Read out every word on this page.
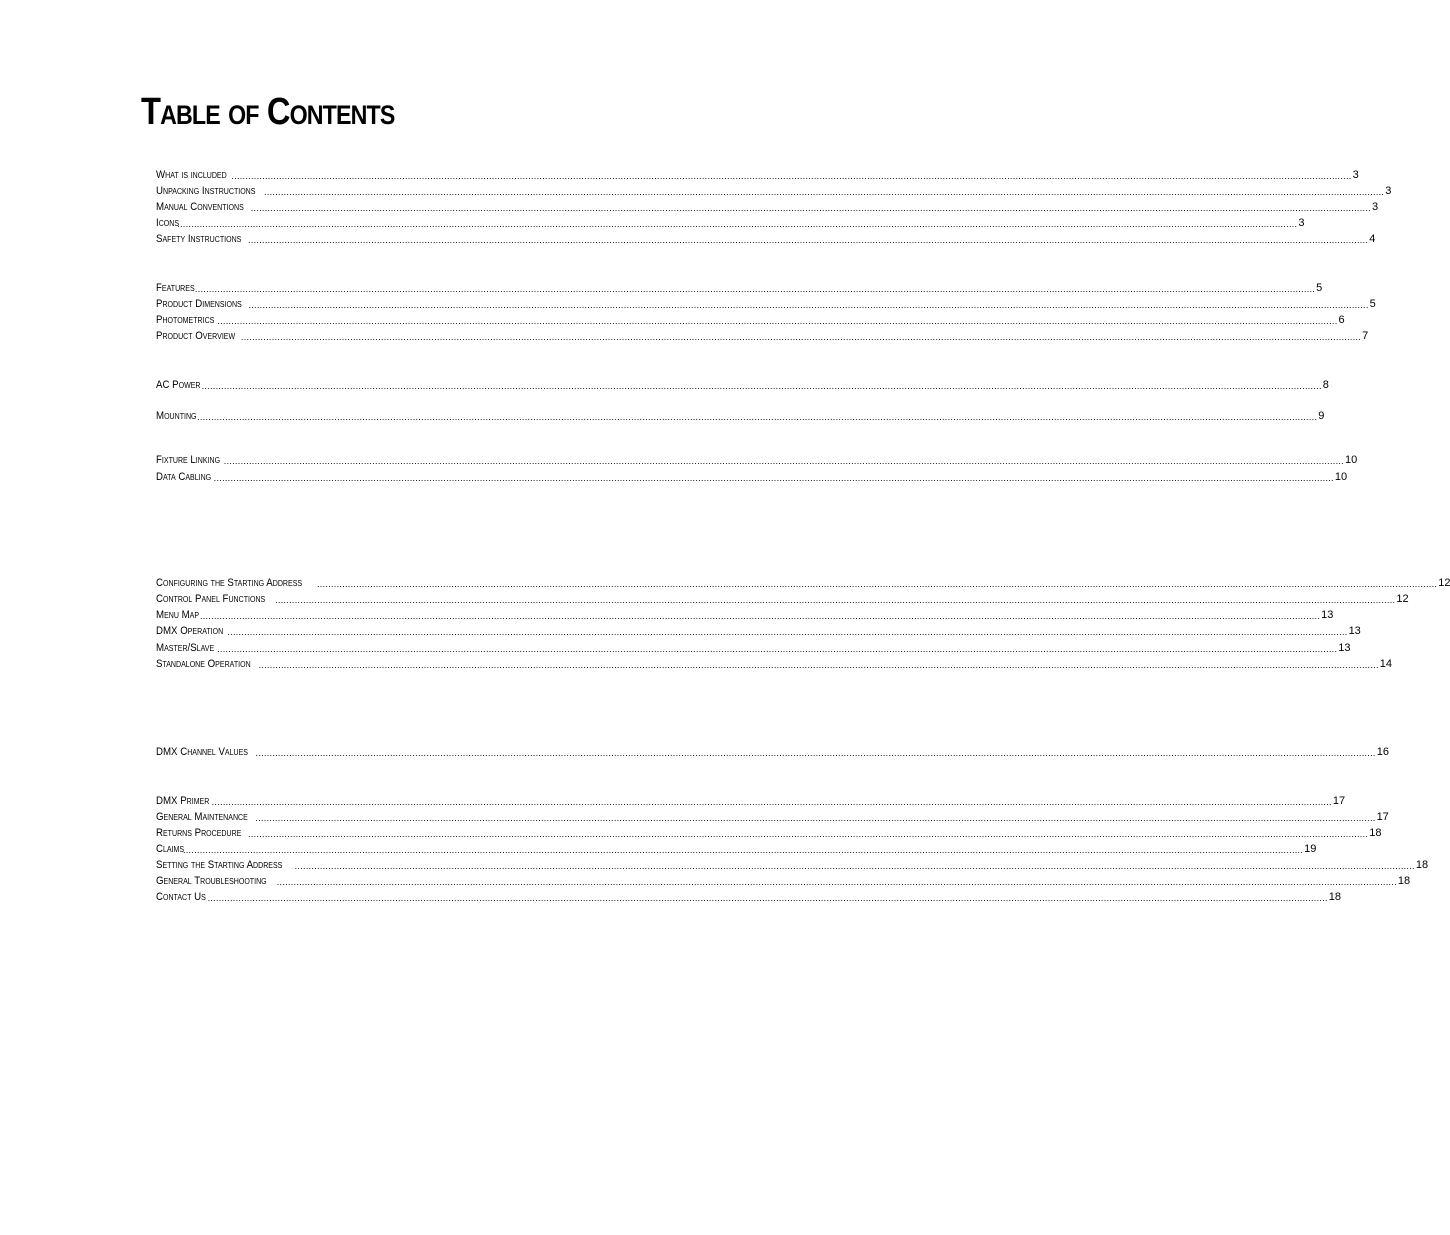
Table of Contents
What is included ................................................................................................................................................................................................................................................................................................................................................................................................................ 3
Unpacking Instructions ................................................................................................................................................................................................................................................................................................................................................................................................................ 3
Manual Conventions ................................................................................................................................................................................................................................................................................................................................................................................................................ 3
Icons
................................................................................................................................................................................................................................................................................................................................................................................................................ 3
Safety Instructions ................................................................................................................................................................................................................................................................................................................................................................................................................ 4
Features ................................................................................................................................................................................................................................................................................................................................................................................................................ 5
Product Dimensions ................................................................................................................................................................................................................................................................................................................................................................................................................ 5
Photometrics ................................................................................................................................................................................................................................................................................................................................................................................................................ 6
Product Overview ................................................................................................................................................................................................................................................................................................................................................................................................................ 7
AC Power ................................................................................................................................................................................................................................................................................................................................................................................................................ 8
Mounting ................................................................................................................................................................................................................................................................................................................................................................................................................ 9
Fixture Linking ................................................................................................................................................................................................................................................................................................................................................................................................................ 10
Data Cabling ................................................................................................................................................................................................................................................................................................................................................................................................................ 10
Configuring the Starting Address ................................................................................................................................................................................................................................................................................................................................................................................................................ 12
Control Panel Functions ................................................................................................................................................................................................................................................................................................................................................................................................................ 12
Menu Map ................................................................................................................................................................................................................................................................................................................................................................................................................ 13
DMX Operation ................................................................................................................................................................................................................................................................................................................................................................................................................ 13
Master/Slave ................................................................................................................................................................................................................................................................................................................................................................................................................ 13
Standalone Operation ................................................................................................................................................................................................................................................................................................................................................................................................................ 14
DMX Channel Values ................................................................................................................................................................................................................................................................................................................................................................................................................ 16
DMX Primer ................................................................................................................................................................................................................................................................................................................................................................................................................ 17
General Maintenance ................................................................................................................................................................................................................................................................................................................................................................................................................ 17
Returns Procedure ................................................................................................................................................................................................................................................................................................................................................................................................................ 18
Claims
................................................................................................................................................................................................................................................................................................................................................................................................................ 19
Setting the Starting Address ................................................................................................................................................................................................................................................................................................................................................................................................................ 18
General Troubleshooting ................................................................................................................................................................................................................................................................................................................................................................................................................ 18
Contact Us ................................................................................................................................................................................................................................................................................................................................................................................................................ 18
